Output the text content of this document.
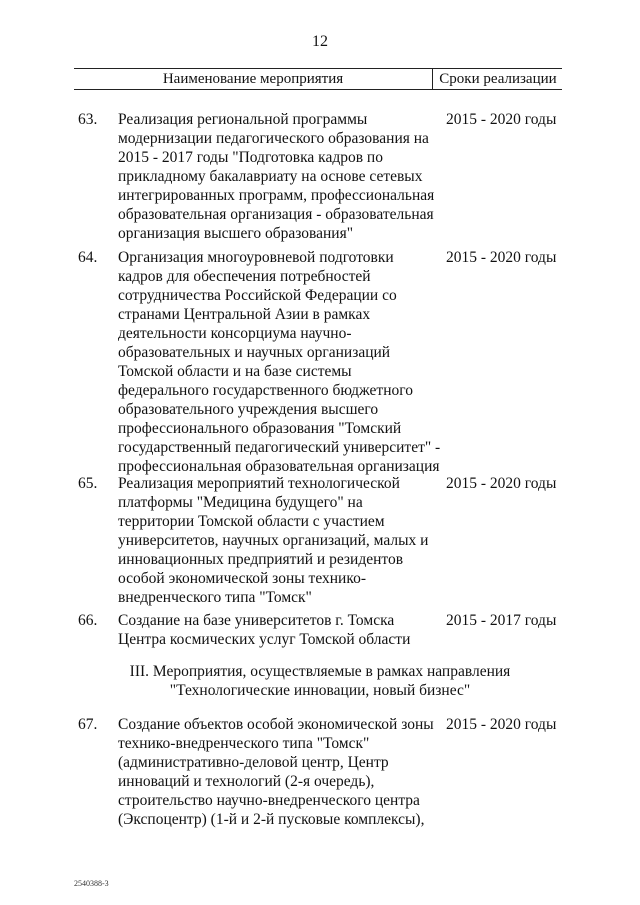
12
Наименование мероприятия	Сроки реализации
63. Реализация региональной программы
модернизации педагогического образования на
2015 - 2017 годы "Подготовка кадров по
прикладному бакалавриату на основе сетевых
интегрированных программ, профессиональная
образовательная организация - образовательная
организация высшего образования"
2015 - 2020 годы
64. Организация многоуровневой подготовки
кадров для обеспечения потребностей
сотрудничества Российской Федерации со
странами Центральной Азии в рамках
деятельности консорциума научно-
образовательных и научных организаций
Томской области и на базе системы
федерального государственного бюджетного
образовательного учреждения высшего
профессионального образования "Томский
государственный педагогический университет" -
профессиональная образовательная организация
2015 - 2020 годы
65. Реализация мероприятий технологической
платформы "Медицина будущего" на
территории Томской области с участием
университетов, научных организаций, малых и
инновационных предприятий и резидентов
особой экономической зоны технико-
внедренческого типа "Томск"
2015 - 2020 годы
66. Создание на базе университетов г. Томска
Центра космических услуг Томской области
2015 - 2017 годы
III. Мероприятия, осуществляемые в рамках направления
"Технологические инновации, новый бизнес"
67. Создание объектов особой экономической зоны
технико-внедренческого типа "Томск"
(административно-деловой центр, Центр
инноваций и технологий (2-я очередь),
строительство научно-внедренческого центра
(Экспоцентр) (1-й и 2-й пусковые комплексы),
2015 - 2020 годы
2540388-3
